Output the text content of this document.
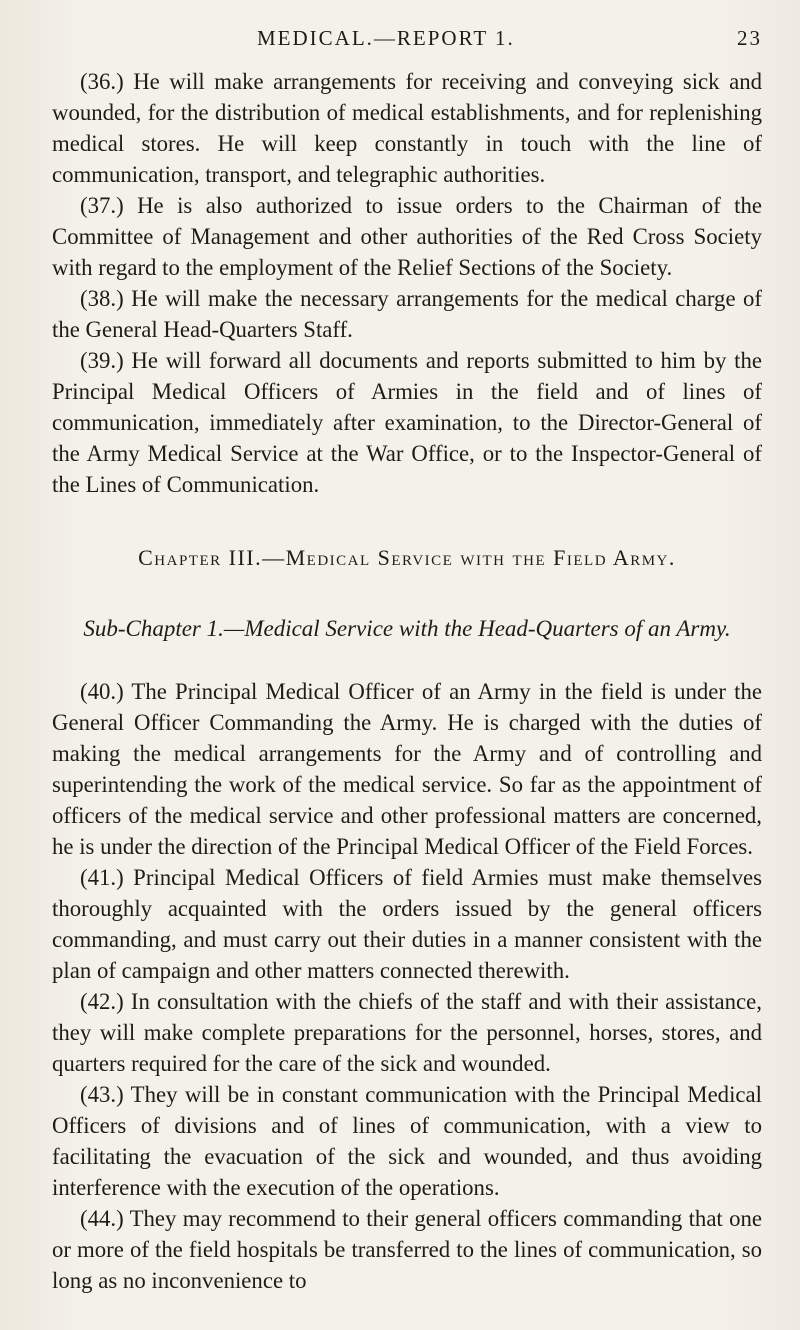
MEDICAL.—REPORT 1.	23

(36.) He will make arrangements for receiving and conveying sick and wounded, for the distribution of medical establishments, and for replenishing medical stores. He will keep constantly in touch with the line of communication, transport, and telegraphic authorities.

(37.) He is also authorized to issue orders to the Chairman of the Committee of Management and other authorities of the Red Cross Society with regard to the employment of the Relief Sections of the Society.

(38.) He will make the necessary arrangements for the medical charge of the General Head-Quarters Staff.

(39.) He will forward all documents and reports submitted to him by the Principal Medical Officers of Armies in the field and of lines of communication, immediately after examination, to the Director-General of the Army Medical Service at the War Office, or to the Inspector-General of the Lines of Communication.

Chapter III.—Medical Service with the Field Army.

Sub-Chapter 1.—Medical Service with the Head-Quarters of an Army.

(40.) The Principal Medical Officer of an Army in the field is under the General Officer Commanding the Army. He is charged with the duties of making the medical arrangements for the Army and of controlling and superintending the work of the medical service. So far as the appointment of officers of the medical service and other professional matters are concerned, he is under the direction of the Principal Medical Officer of the Field Forces.

(41.) Principal Medical Officers of field Armies must make themselves thoroughly acquainted with the orders issued by the general officers commanding, and must carry out their duties in a manner consistent with the plan of campaign and other matters connected therewith.

(42.) In consultation with the chiefs of the staff and with their assistance, they will make complete preparations for the personnel, horses, stores, and quarters required for the care of the sick and wounded.

(43.) They will be in constant communication with the Principal Medical Officers of divisions and of lines of communication, with a view to facilitating the evacuation of the sick and wounded, and thus avoiding interference with the execution of the operations.

(44.) They may recommend to their general officers commanding that one or more of the field hospitals be transferred to the lines of communication, so long as no inconvenience to
